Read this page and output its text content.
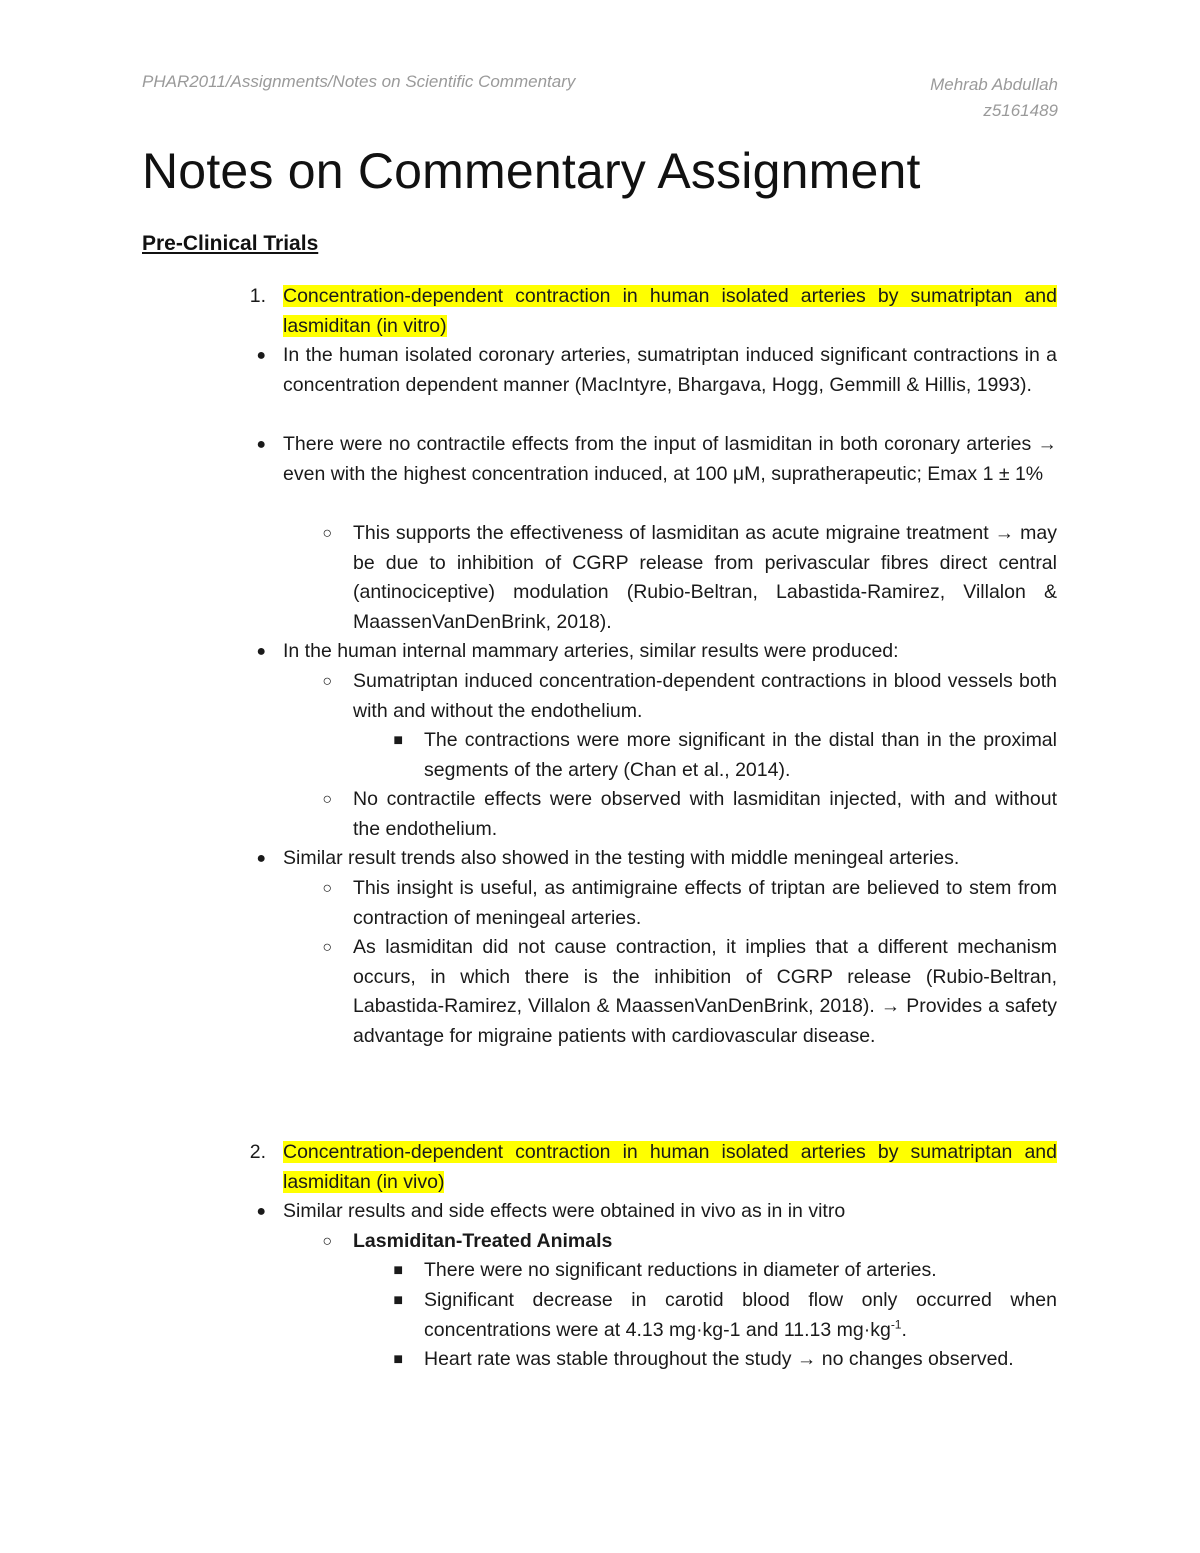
PHAR2011/Assignments/Notes on Scientific Commentary	Mehrab Abdullah
z5161489
Notes on Commentary Assignment
Pre-Clinical Trials
1. Concentration-dependent contraction in human isolated arteries by sumatriptan and lasmiditan (in vitro)
● In the human isolated coronary arteries, sumatriptan induced significant contractions in a concentration dependent manner (MacIntyre, Bhargava, Hogg, Gemmill & Hillis, 1993).
● There were no contractile effects from the input of lasmiditan in both coronary arteries → even with the highest concentration induced, at 100 μM, supratherapeutic; Emax 1 ± 1%
○ This supports the effectiveness of lasmiditan as acute migraine treatment → may be due to inhibition of CGRP release from perivascular fibres direct central (antinociceptive) modulation (Rubio-Beltran, Labastida-Ramirez, Villalon & MaassenVanDenBrink, 2018).
● In the human internal mammary arteries, similar results were produced:
○ Sumatriptan induced concentration-dependent contractions in blood vessels both with and without the endothelium.
■ The contractions were more significant in the distal than in the proximal segments of the artery (Chan et al., 2014).
○ No contractile effects were observed with lasmiditan injected, with and without the endothelium.
● Similar result trends also showed in the testing with middle meningeal arteries.
○ This insight is useful, as antimigraine effects of triptan are believed to stem from contraction of meningeal arteries.
○ As lasmiditan did not cause contraction, it implies that a different mechanism occurs, in which there is the inhibition of CGRP release (Rubio-Beltran, Labastida-Ramirez, Villalon & MaassenVanDenBrink, 2018). → Provides a safety advantage for migraine patients with cardiovascular disease.
2. Concentration-dependent contraction in human isolated arteries by sumatriptan and lasmiditan (in vivo)
● Similar results and side effects were obtained in vivo as in in vitro
○ Lasmiditan-Treated Animals
■ There were no significant reductions in diameter of arteries.
■ Significant decrease in carotid blood flow only occurred when concentrations were at 4.13 mg·kg-1 and 11.13 $mg\cdot kg^{-1}$.
■ Heart rate was stable throughout the study → no changes observed.
